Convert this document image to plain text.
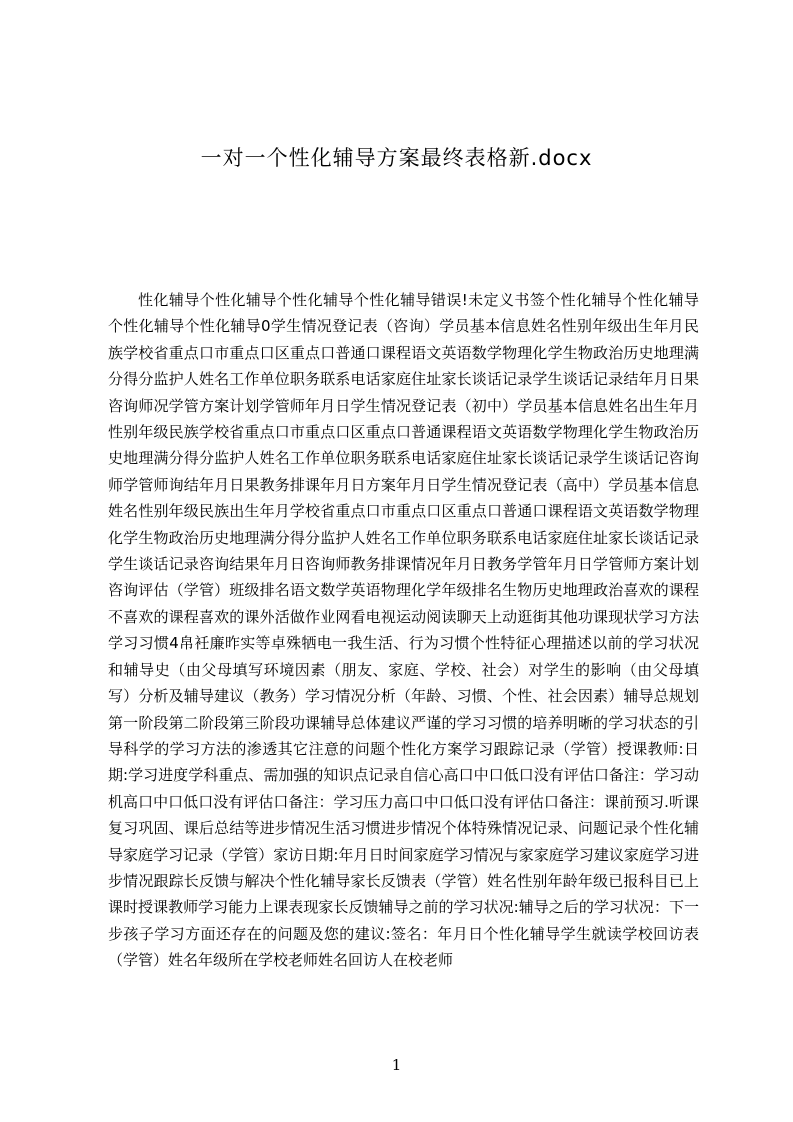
一对一个性化辅导方案最终表格新.docx

性化辅导个性化辅导个性化辅导个性化辅导错误!未定义书签个性化辅导个性化辅导个性化辅导个性化辅导0学生情况登记表（咨询）学员基本信息姓名性别年级出生年月民族学校省重点口市重点口区重点口普通口课程语文英语数学物理化学生物政治历史地理满分得分监护人姓名工作单位职务联系电话家庭住址家长谈话记录学生谈话记录结年月日果咨询师况学管方案计划学管师年月日学生情况登记表（初中）学员基本信息姓名出生年月性别年级民族学校省重点口市重点口区重点口普通课程语文英语数学物理化学生物政治历史地理满分得分监护人姓名工作单位职务联系电话家庭住址家长谈话记录学生谈话记咨询师学管师询结年月日果教务排课年月日方案年月日学生情况登记表（高中）学员基本信息姓名性别年级民族出生年月学校省重点口市重点口区重点口普通口课程语文英语数学物理化学生物政治历史地理满分得分监护人姓名工作单位职务联系电话家庭住址家长谈话记录学生谈话记录咨询结果年月日咨询师教务排课情况年月日教务学管年月日学管师方案计划咨询评估（学管）班级排名语文数学英语物理化学年级排名生物历史地理政治喜欢的课程不喜欢的课程喜欢的课外活做作业网看电视运动阅读聊天上动逛街其他功课现状学习方法学习习惯4帛衽廉昨实等卓殊牺电一我生活、行为习惯个性特征心理描述以前的学习状况和辅导史（由父母填写环境因素（朋友、家庭、学校、社会）对学生的影响（由父母填写）分析及辅导建议（教务）学习情况分析（年龄、习惯、个性、社会因素）辅导总规划第一阶段第二阶段第三阶段功课辅导总体建议严谨的学习习惯的培养明晰的学习状态的引导科学的学习方法的渗透其它注意的问题个性化方案学习跟踪记录（学管）授课教师:日期:学习进度学科重点、需加强的知识点记录自信心高口中口低口没有评估口备注：学习动机高口中口低口没有评估口备注：学习压力高口中口低口没有评估口备注：课前预习.听课复习巩固、课后总结等进步情况生活习惯进步情况个体特殊情况记录、问题记录个性化辅导家庭学习记录（学管）家访日期:年月日时间家庭学习情况与家家庭学习建议家庭学习进步情况跟踪长反馈与解决个性化辅导家长反馈表（学管）姓名性别年龄年级已报科目已上课时授课教师学习能力上课表现家长反馈辅导之前的学习状况:辅导之后的学习状况：下一步孩子学习方面还存在的问题及您的建议:签名：年月日个性化辅导学生就读学校回访表（学管）姓名年级所在学校老师姓名回访人在校老师

1
